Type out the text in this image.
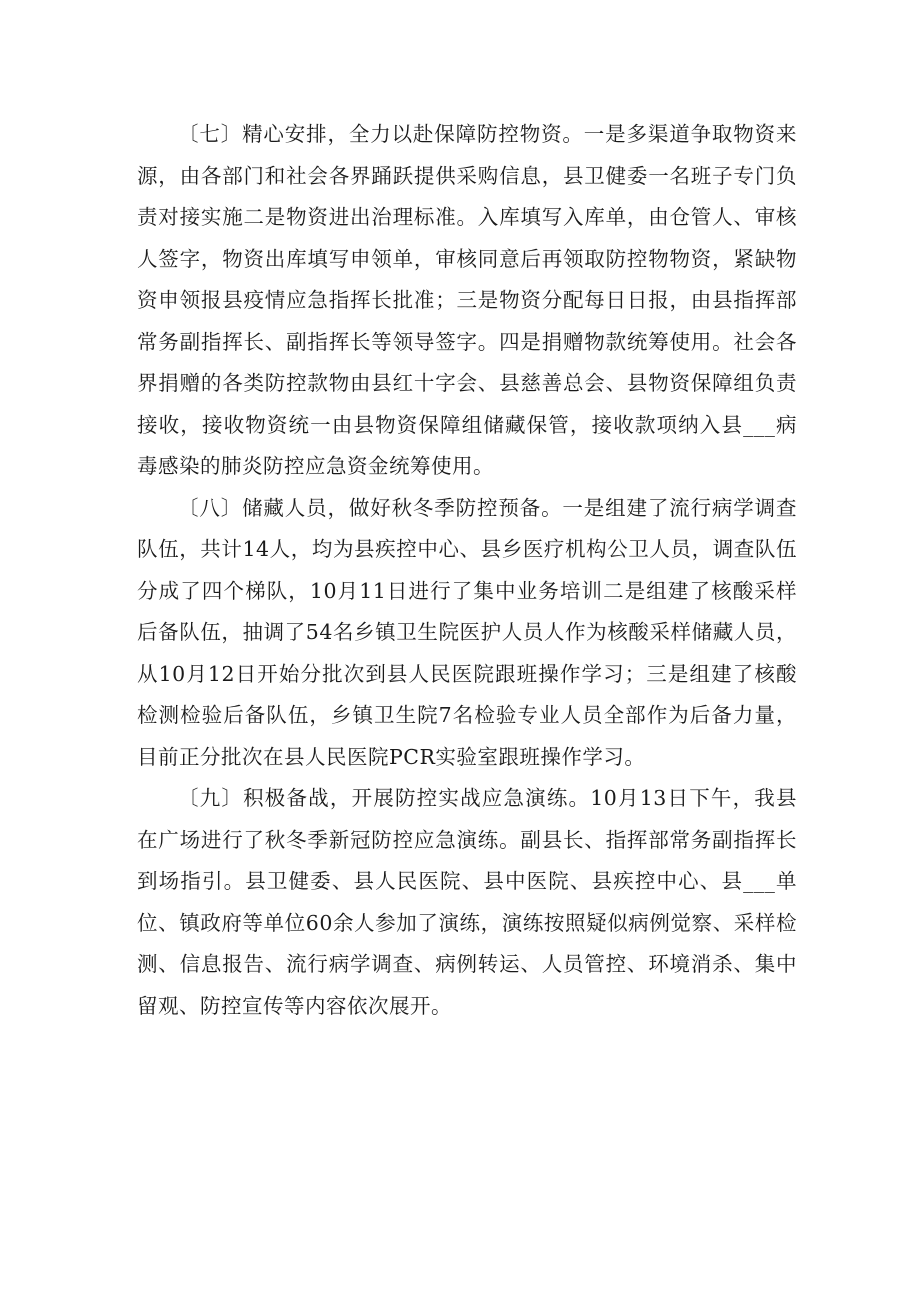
〔七〕精心安排，全力以赴保障防控物资。一是多渠道争取物资来源，由各部门和社会各界踊跃提供采购信息，县卫健委一名班子专门负责对接实施二是物资进出治理标准。入库填写入库单，由仓管人、审核人签字，物资出库填写申领单，审核同意后再领取防控物物资，紧缺物资申领报县疫情应急指挥长批准；三是物资分配每日日报，由县指挥部常务副指挥长、副指挥长等领导签字。四是捐赠物款统筹使用。社会各界捐赠的各类防控款物由县红十字会、县慈善总会、县物资保障组负责接收，接收物资统一由县物资保障组储藏保管，接收款项纳入县___病毒感染的肺炎防控应急资金统筹使用。

〔八〕储藏人员，做好秋冬季防控预备。一是组建了流行病学调查队伍，共计14人，均为县疾控中心、县乡医疗机构公卫人员，调查队伍分成了四个梯队，10月11日进行了集中业务培训二是组建了核酸采样后备队伍，抽调了54名乡镇卫生院医护人员人作为核酸采样储藏人员，从10月12日开始分批次到县人民医院跟班操作学习；三是组建了核酸检测检验后备队伍，乡镇卫生院7名检验专业人员全部作为后备力量，目前正分批次在县人民医院PCR实验室跟班操作学习。

〔九〕积极备战，开展防控实战应急演练。10月13日下午，我县在广场进行了秋冬季新冠防控应急演练。副县长、指挥部常务副指挥长到场指引。县卫健委、县人民医院、县中医院、县疾控中心、县___单位、镇政府等单位60余人参加了演练，演练按照疑似病例觉察、采样检测、信息报告、流行病学调查、病例转运、人员管控、环境消杀、集中留观、防控宣传等内容依次展开。
